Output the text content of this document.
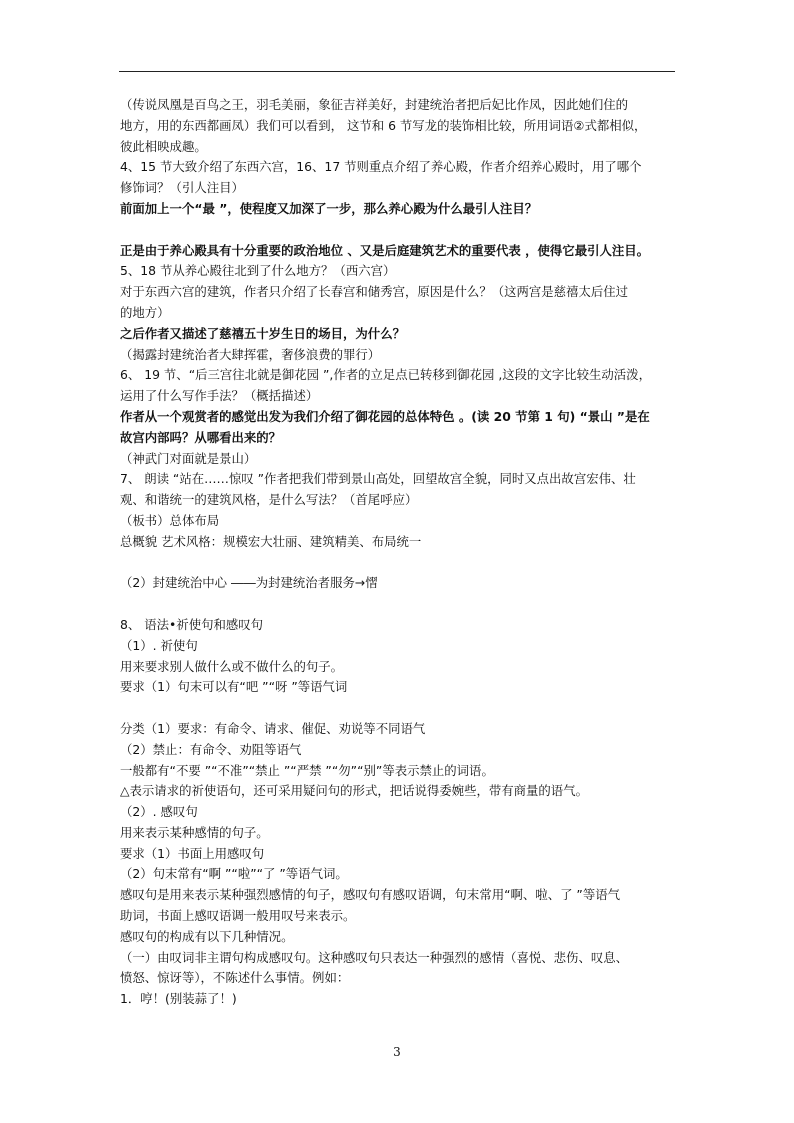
（传说凤凰是百鸟之王，羽毛美丽，象征吉祥美好，封建统治者把后妃比作凤，因此她们住的
地方，用的东西都画凤）我们可以看到， 这节和 6 节写龙的装饰相比较，所用词语②式都相似，
彼此相映成趣。
4、15 节大致介绍了东西六宫，16、17 节则重点介绍了养心殿，作者介绍养心殿时，用了哪个
修饰词？（引人注目）
前面加上一个“最 ”，使程度又加深了一步，那么养心殿为什么最引人注目？
正是由于养心殿具有十分重要的政治地位 、又是后庭建筑艺术的重要代表 ，使得它最引人注目。
5、18 节从养心殿往北到了什么地方？（西六宫）
对于东西六宫的建筑，作者只介绍了长春宫和储秀宫，原因是什么？（这两宫是慈禧太后住过
的地方）
之后作者又描述了慈禧五十岁生日的场目，为什么？
（揭露封建统治者大肆挥霍，奢侈浪费的罪行）
6、 19 节、“后三宫往北就是御花园 ”,作者的立足点已转移到御花园 ,这段的文字比较生动活泼，
运用了什么写作手法？（概括描述）
作者从一个观赏者的感觉出发为我们介绍了御花园的总体特色 。(读 20 节第 1 句) “景山 ”是在
故宫内部吗？从哪看出来的？
（神武门对面就是景山）
7、 朗读 “站在……惊叹 ”作者把我们带到景山高处，回望故宫全貌，同时又点出故宫宏伟、壮
观、和谐统一的建筑风格，是什么写法？（首尾呼应）
（板书）总体布局
总概貌 艺术风格：规模宏大壮丽、建筑精美、布局统一
（2）封建统治中心 ――为封建统治者服务→慴
8、 语法•祈使句和感叹句
（1）. 祈使句
用来要求别人做什么或不做什么的句子。
要求（1）句末可以有“吧 ”“呀 ”等语气词
分类（1）要求：有命令、请求、催促、劝说等不同语气
（2）禁止：有命令、劝阻等语气
一般都有“不要 ”“不准”“禁止 ”“严禁 ”“勿”“别”等表示禁止的词语。
△表示请求的祈使语句，还可采用疑问句的形式，把话说得委婉些，带有商量的语气。
（2）. 感叹句
用来表示某种感情的句子。
要求（1）书面上用感叹句
（2）句末常有“啊 ”“啦”“了 ”等语气词。
感叹句是用来表示某种强烈感情的句子，感叹句有感叹语调，句末常用“啊、啦、了 ”等语气
助词，书面上感叹语调一般用叹号来表示。
感叹句的构成有以下几种情况。
（一）由叹词非主谓句构成感叹句。这种感叹句只表达一种强烈的感情（喜悦、悲伤、叹息、
愤怒、惊讶等），不陈述什么事情。例如：
1．哼！(别装蒜了！)
3
